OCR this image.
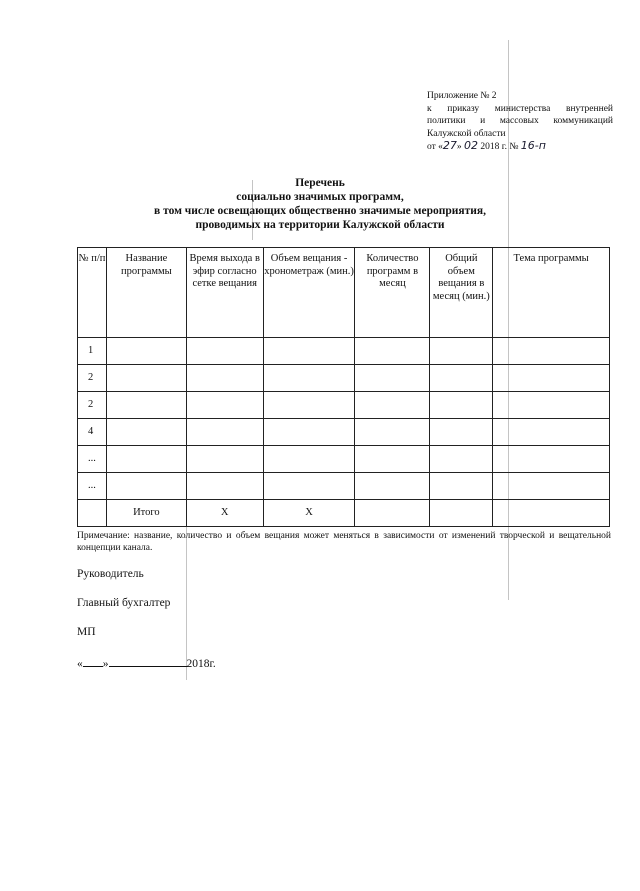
Приложение № 2
к приказу министерства внутренней
политики и массовых коммуникаций
Калужской области
от «27» 02 2018 г. № 16-п
Перечень
социально значимых программ,
в том числе освещающих общественно значимые мероприятия,
проводимых на территории Калужской области
№ п/п	Название программы	Время выхода в эфир согласно сетке вещания	Объем вещания - хронометраж (мин.)	Количество программ в месяц	Общий объем вещания в месяц (мин.)	Тема программы
1						
2						
2						
4						
...						
...						
	Итого	X	X			
Примечание: название, количество и объем вещания может меняться в зависимости от изменений творческой и вещательной концепции канала.
Руководитель
Главный бухгалтер
МП
« »	2018г.
